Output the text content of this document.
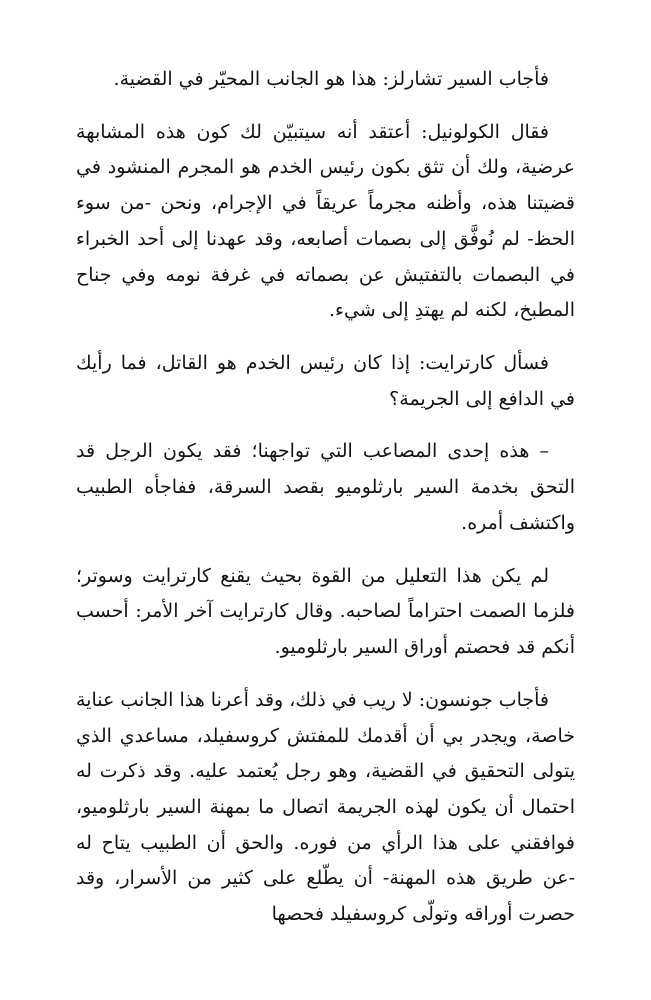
فأجاب السير تشارلز: هذا هو الجانب المحيّر في القضية.

فقال الكولونيل: أعتقد أنه سيتبيّن لك كون هذه المشابهة عرضية، ولك أن تثق بكون رئيس الخدم هو المجرم المنشود في قضيتنا هذه، وأظنه مجرماً عريقاً في الإجرام، ونحن -من سوء الحظ- لم نُوفَّق إلى بصمات أصابعه، وقد عهدنا إلى أحد الخبراء في البصمات بالتفتيش عن بصماته في غرفة نومه وفي جناح المطبخ، لكنه لم يهتدِ إلى شيء.

فسأل كارترايت: إذا كان رئيس الخدم هو القاتل، فما رأيك في الدافع إلى الجريمة؟

– هذه إحدى المصاعب التي تواجهنا؛ فقد يكون الرجل قد التحق بخدمة السير بارثلوميو بقصد السرقة، ففاجأه الطبيب واكتشف أمره.

لم يكن هذا التعليل من القوة بحيث يقنع كارترايت وسوتر؛ فلزما الصمت احتراماً لصاحبه. وقال كارترايت آخر الأمر: أحسب أنكم قد فحصتم أوراق السير بارثلوميو.

فأجاب جونسون: لا ريب في ذلك، وقد أعرنا هذا الجانب عناية خاصة، ويجدر بي أن أقدمك للمفتش كروسفيلد، مساعدي الذي يتولى التحقيق في القضية، وهو رجل يُعتمد عليه. وقد ذكرت له احتمال أن يكون لهذه الجريمة اتصال ما بمهنة السير بارثلوميو، فوافقني على هذا الرأي من فوره. والحق أن الطبيب يتاح له -عن طريق هذه المهنة- أن يطّلع على كثير من الأسرار، وقد حصرت أوراقه وتولّى كروسفيلد فحصها
